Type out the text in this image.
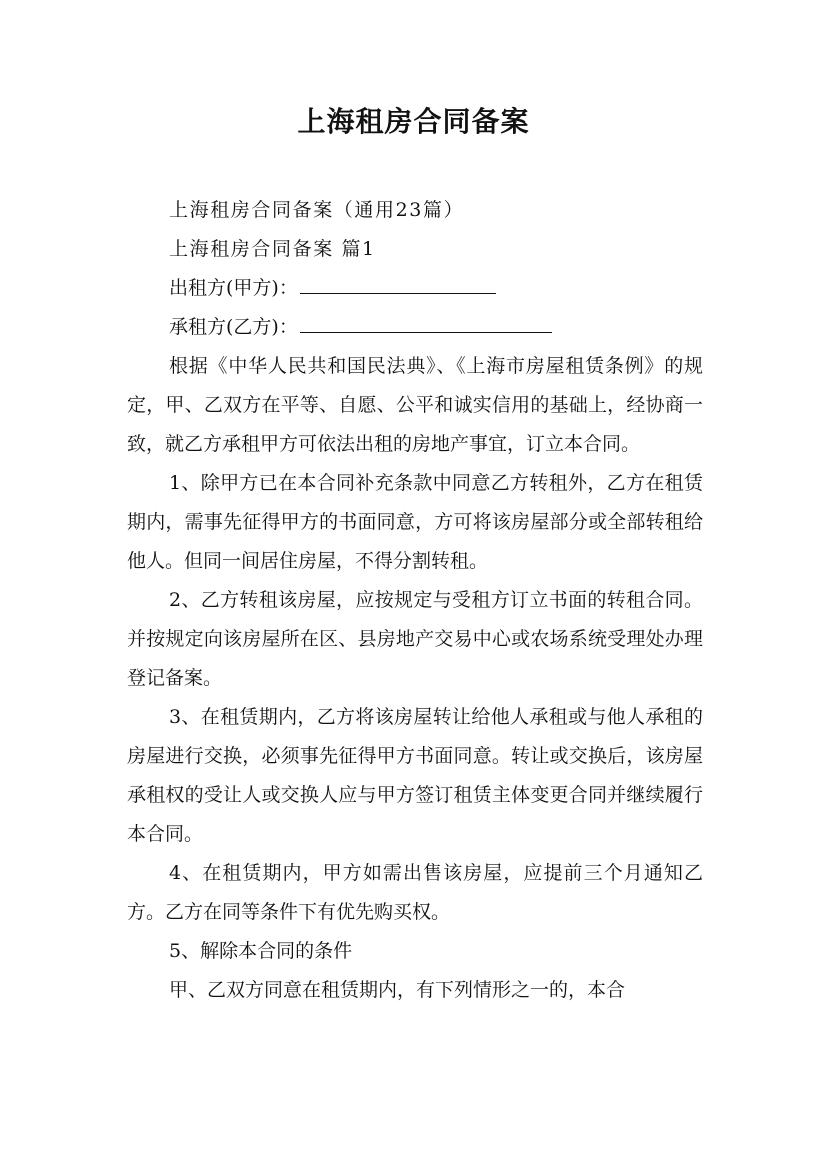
上海租房合同备案
上海租房合同备案（通用23篇）
上海租房合同备案 篇1
出租方(甲方)：
承租方(乙方)：

根据《中华人民共和国民法典》、《上海市房屋租赁条例》的规定，甲、乙双方在平等、自愿、公平和诚实信用的基础上，经协商一致，就乙方承租甲方可依法出租的房地产事宜，订立本合同。

1、除甲方已在本合同补充条款中同意乙方转租外，乙方在租赁期内，需事先征得甲方的书面同意，方可将该房屋部分或全部转租给他人。但同一间居住房屋，不得分割转租。

2、乙方转租该房屋，应按规定与受租方订立书面的转租合同。并按规定向该房屋所在区、县房地产交易中心或农场系统受理处办理登记备案。

3、在租赁期内，乙方将该房屋转让给他人承租或与他人承租的房屋进行交换，必须事先征得甲方书面同意。转让或交换后，该房屋承租权的受让人或交换人应与甲方签订租赁主体变更合同并继续履行本合同。

4、在租赁期内，甲方如需出售该房屋，应提前三个月通知乙方。乙方在同等条件下有优先购买权。

5、解除本合同的条件

甲、乙双方同意在租赁期内，有下列情形之一的，本合
